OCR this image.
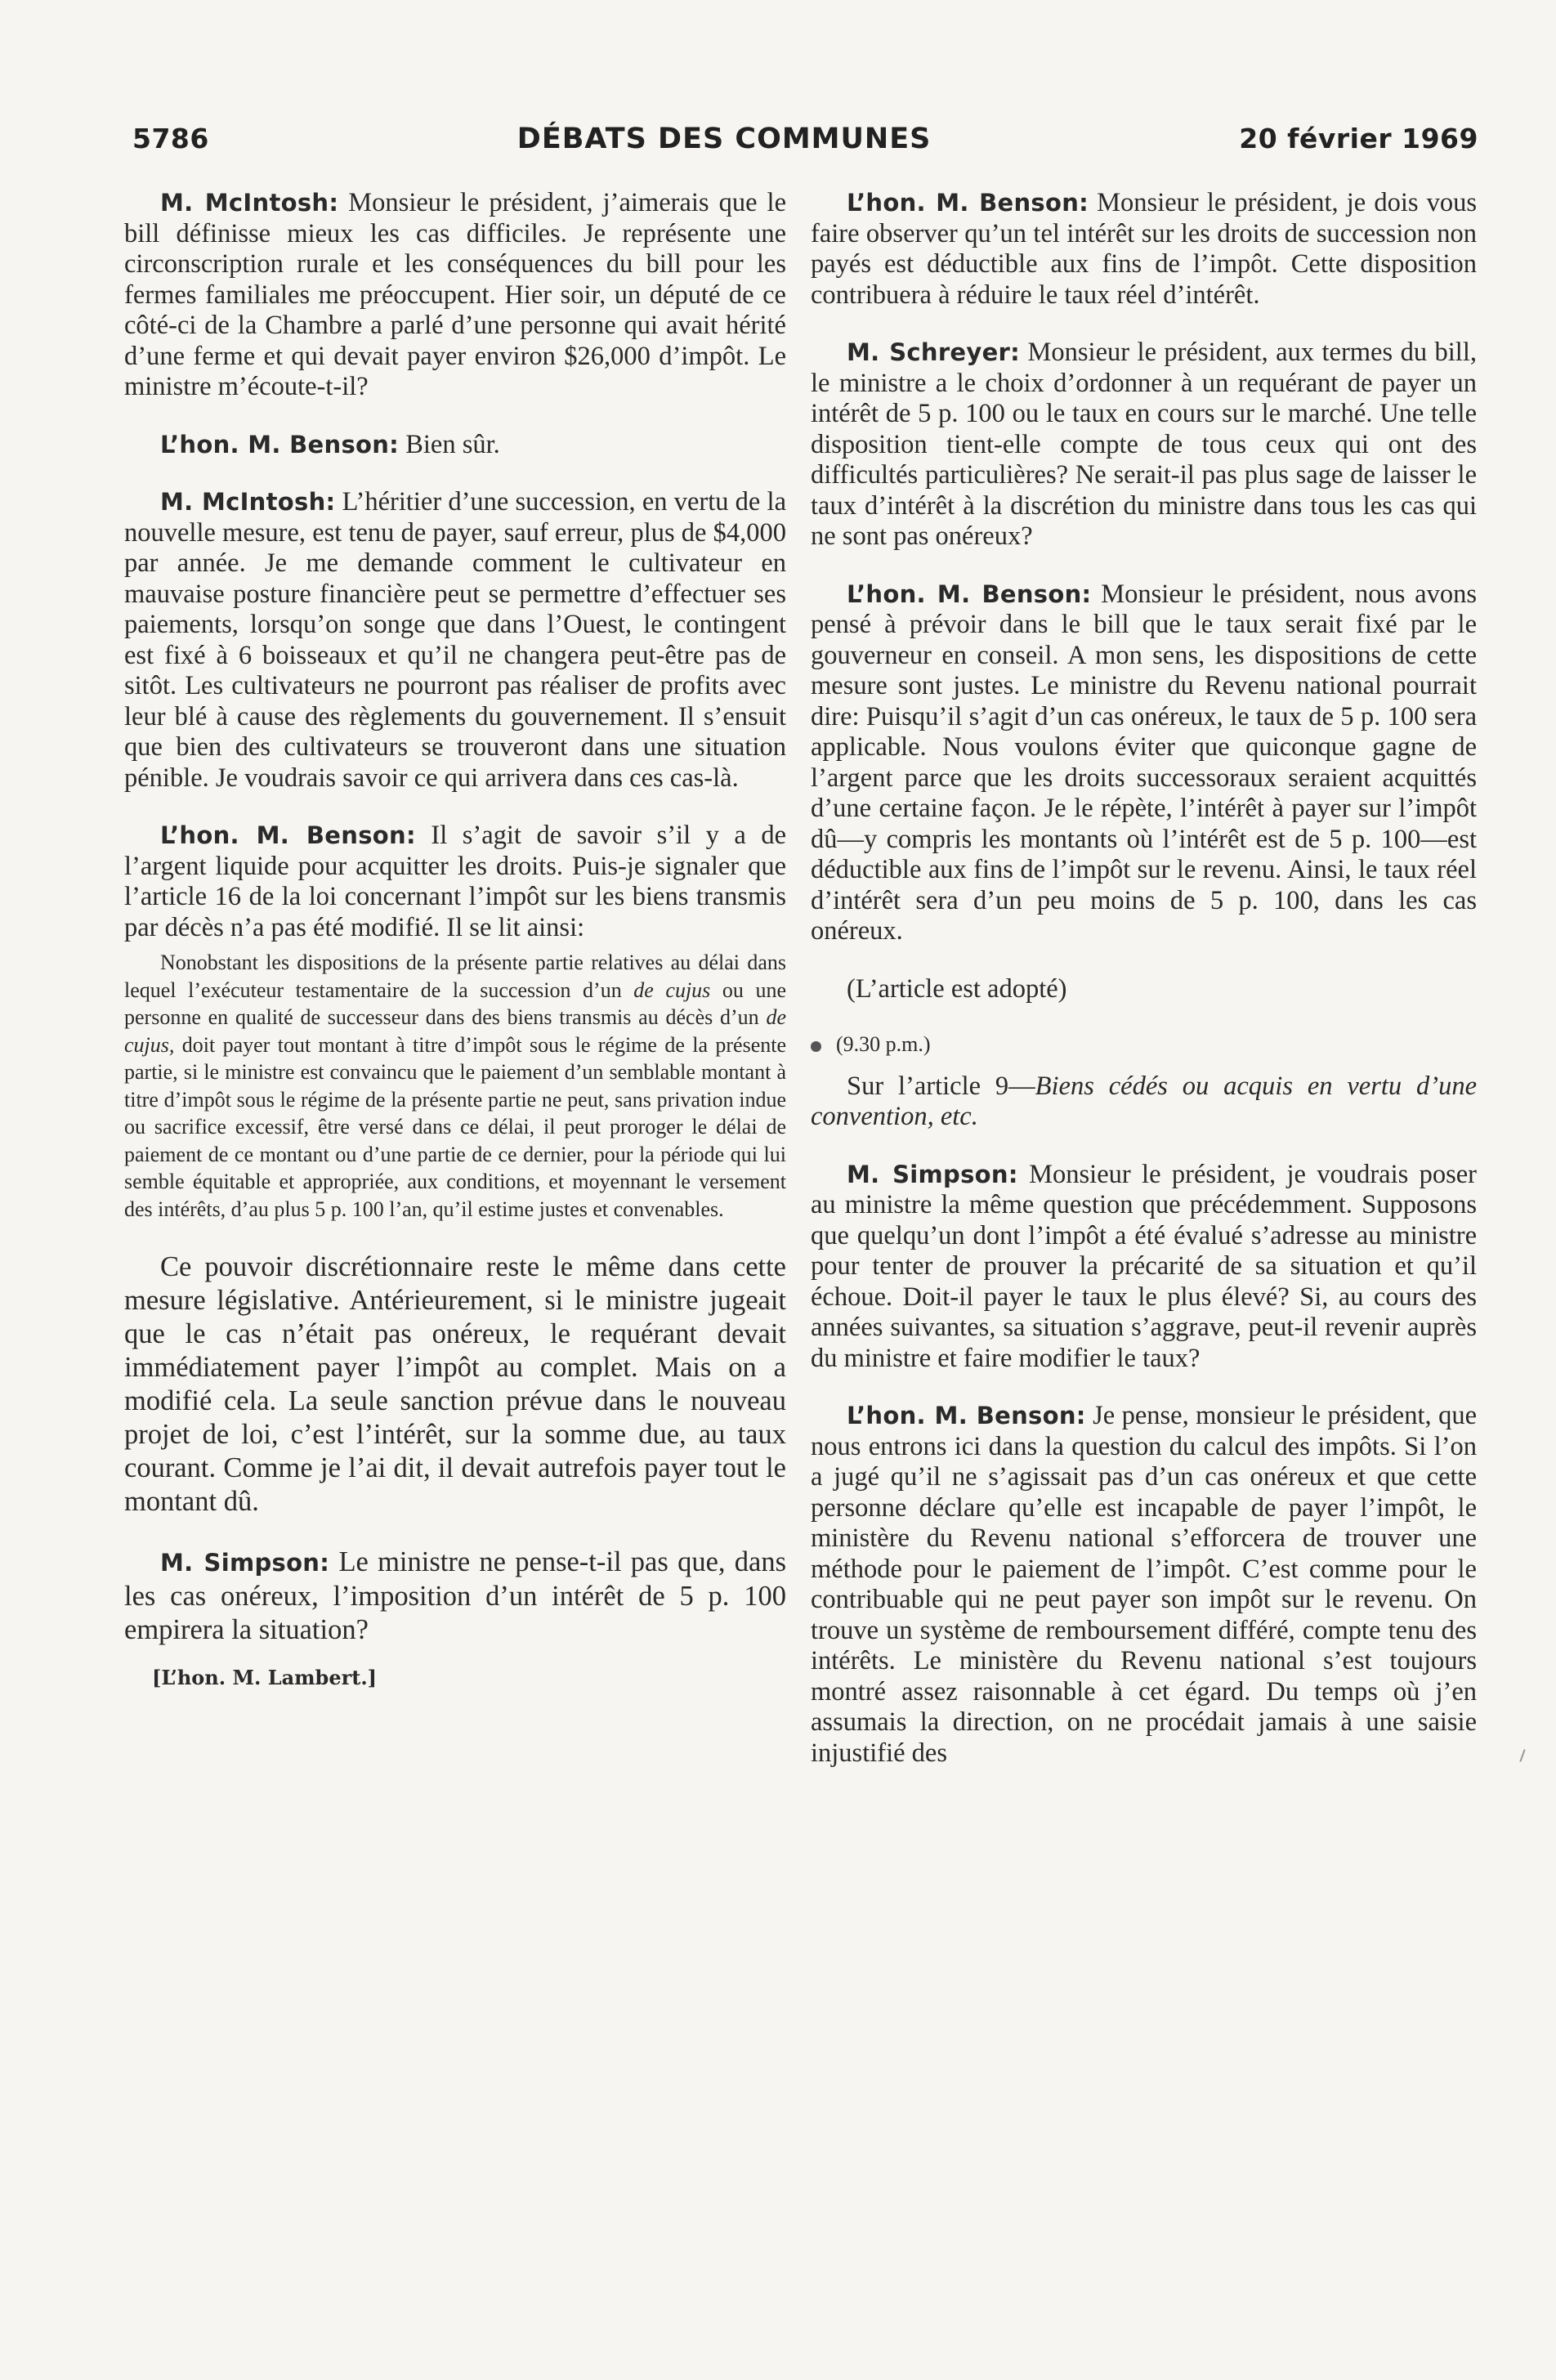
5786	DÉBATS DES COMMUNES	20 février 1969

M. McIntosh: Monsieur le président, j’aimerais que le bill définisse mieux les cas difficiles. Je représente une circonscription rurale et les conséquences du bill pour les fermes familiales me préoccupent. Hier soir, un député de ce côté-ci de la Chambre a parlé d’une personne qui avait hérité d’une ferme et qui devait payer environ $26,000 d’impôt. Le ministre m’écoute-t-il?

L’hon. M. Benson: Bien sûr.

M. McIntosh: L’héritier d’une succession, en vertu de la nouvelle mesure, est tenu de payer, sauf erreur, plus de $4,000 par année. Je me demande comment le cultivateur en mauvaise posture financière peut se permettre d’effectuer ses paiements, lorsqu’on songe que dans l’Ouest, le contingent est fixé à 6 boisseaux et qu’il ne changera peut-être pas de sitôt. Les cultivateurs ne pourront pas réaliser de profits avec leur blé à cause des règlements du gouvernement. Il s’ensuit que bien des cultivateurs se trouveront dans une situation pénible. Je voudrais savoir ce qui arrivera dans ces cas-là.

L’hon. M. Benson: Il s’agit de savoir s’il y a de l’argent liquide pour acquitter les droits. Puis-je signaler que l’article 16 de la loi concernant l’impôt sur les biens transmis par décès n’a pas été modifié. Il se lit ainsi:

Nonobstant les dispositions de la présente partie relatives au délai dans lequel l’exécuteur testamentaire de la succession d’un de cujus ou une personne en qualité de successeur dans des biens transmis au décès d’un de cujus, doit payer tout montant à titre d’impôt sous le régime de la présente partie, si le ministre est convaincu que le paiement d’un semblable montant à titre d’impôt sous le régime de la présente partie ne peut, sans privation indue ou sacrifice excessif, être versé dans ce délai, il peut proroger le délai de paiement de ce montant ou d’une partie de ce dernier, pour la période qui lui semble équitable et appropriée, aux conditions, et moyennant le versement des intérêts, d’au plus 5 p. 100 l’an, qu’il estime justes et convenables.

Ce pouvoir discrétionnaire reste le même dans cette mesure législative. Antérieurement, si le ministre jugeait que le cas n’était pas onéreux, le requérant devait immédiatement payer l’impôt au complet. Mais on a modifié cela. La seule sanction prévue dans le nouveau projet de loi, c’est l’intérêt, sur la somme due, au taux courant. Comme je l’ai dit, il devait autrefois payer tout le montant dû.

M. Simpson: Le ministre ne pense-t-il pas que, dans les cas onéreux, l’imposition d’un intérêt de 5 p. 100 empirera la situation?

[L’hon. M. Lambert.]

L’hon. M. Benson: Monsieur le président, je dois vous faire observer qu’un tel intérêt sur les droits de succession non payés est déductible aux fins de l’impôt. Cette disposition contribuera à réduire le taux réel d’intérêt.

M. Schreyer: Monsieur le président, aux termes du bill, le ministre a le choix d’ordonner à un requérant de payer un intérêt de 5 p. 100 ou le taux en cours sur le marché. Une telle disposition tient-elle compte de tous ceux qui ont des difficultés particulières? Ne serait-il pas plus sage de laisser le taux d’intérêt à la discrétion du ministre dans tous les cas qui ne sont pas onéreux?

L’hon. M. Benson: Monsieur le président, nous avons pensé à prévoir dans le bill que le taux serait fixé par le gouverneur en conseil. A mon sens, les dispositions de cette mesure sont justes. Le ministre du Revenu national pourrait dire: Puisqu’il s’agit d’un cas onéreux, le taux de 5 p. 100 sera applicable. Nous voulons éviter que quiconque gagne de l’argent parce que les droits successoraux seraient acquittés d’une certaine façon. Je le répète, l’intérêt à payer sur l’impôt dû—y compris les montants où l’intérêt est de 5 p. 100—est déductible aux fins de l’impôt sur le revenu. Ainsi, le taux réel d’intérêt sera d’un peu moins de 5 p. 100, dans les cas onéreux.

(L’article est adopté)

(9.30 p.m.)

Sur l’article 9—Biens cédés ou acquis en vertu d’une convention, etc.

M. Simpson: Monsieur le président, je voudrais poser au ministre la même question que précédemment. Supposons que quelqu’un dont l’impôt a été évalué s’adresse au ministre pour tenter de prouver la précarité de sa situation et qu’il échoue. Doit-il payer le taux le plus élevé? Si, au cours des années suivantes, sa situation s’aggrave, peut-il revenir auprès du ministre et faire modifier le taux?

L’hon. M. Benson: Je pense, monsieur le président, que nous entrons ici dans la question du calcul des impôts. Si l’on a jugé qu’il ne s’agissait pas d’un cas onéreux et que cette personne déclare qu’elle est incapable de payer l’impôt, le ministère du Revenu national s’efforcera de trouver une méthode pour le paiement de l’impôt. C’est comme pour le contribuable qui ne peut payer son impôt sur le revenu. On trouve un système de remboursement différé, compte tenu des intérêts. Le ministère du Revenu national s’est toujours montré assez raisonnable à cet égard. Du temps où j’en assumais la direction, on ne procédait jamais à une saisie injustifié des
